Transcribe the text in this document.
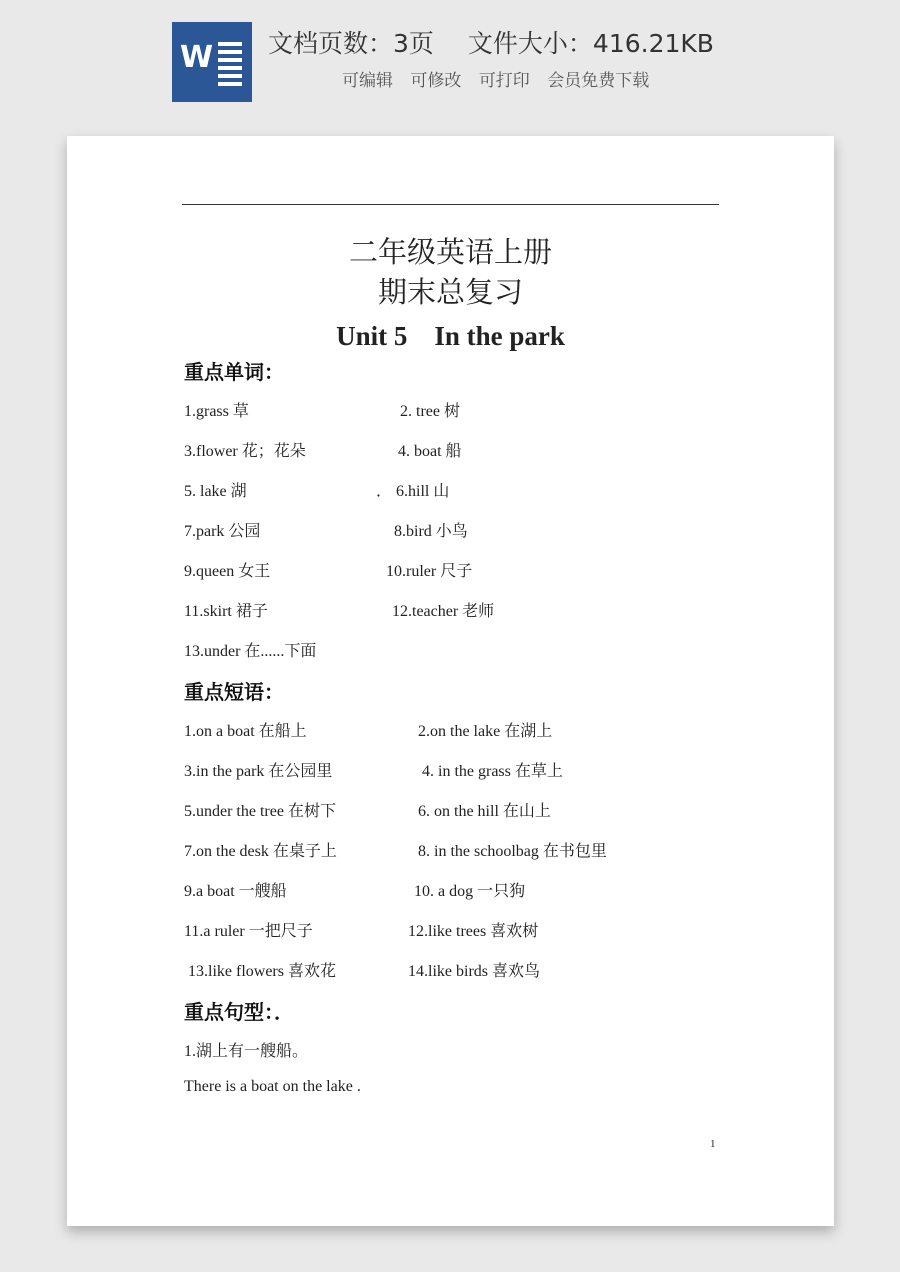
W 文档页数：3页 文件大小：416.21KB
可编辑 可修改 可打印 会员免费下载
二年级英语上册
期末总复习
Unit 5　In the park
重点单词：
1.grass 草	2. tree 树
3.flower 花；花朵	4. boat 船
5. lake 湖	． 6.hill 山
7.park 公园	8.bird 小鸟
9.queen 女王	10.ruler 尺子
11.skirt 裙子	12.teacher 老师
13.under 在......下面
重点短语：
1.on a boat 在船上	2.on the lake 在湖上
3.in the park 在公园里	4. in the grass 在草上
5.under the tree 在树下	6. on the hill 在山上
7.on the desk 在桌子上	8. in the schoolbag 在书包里
9.a boat 一艘船	10. a dog 一只狗
11.a ruler 一把尺子	12.like trees 喜欢树
13.like flowers 喜欢花	14.like birds 喜欢鸟
重点句型：．
1.湖上有一艘船。
There is a boat on the lake .
1
